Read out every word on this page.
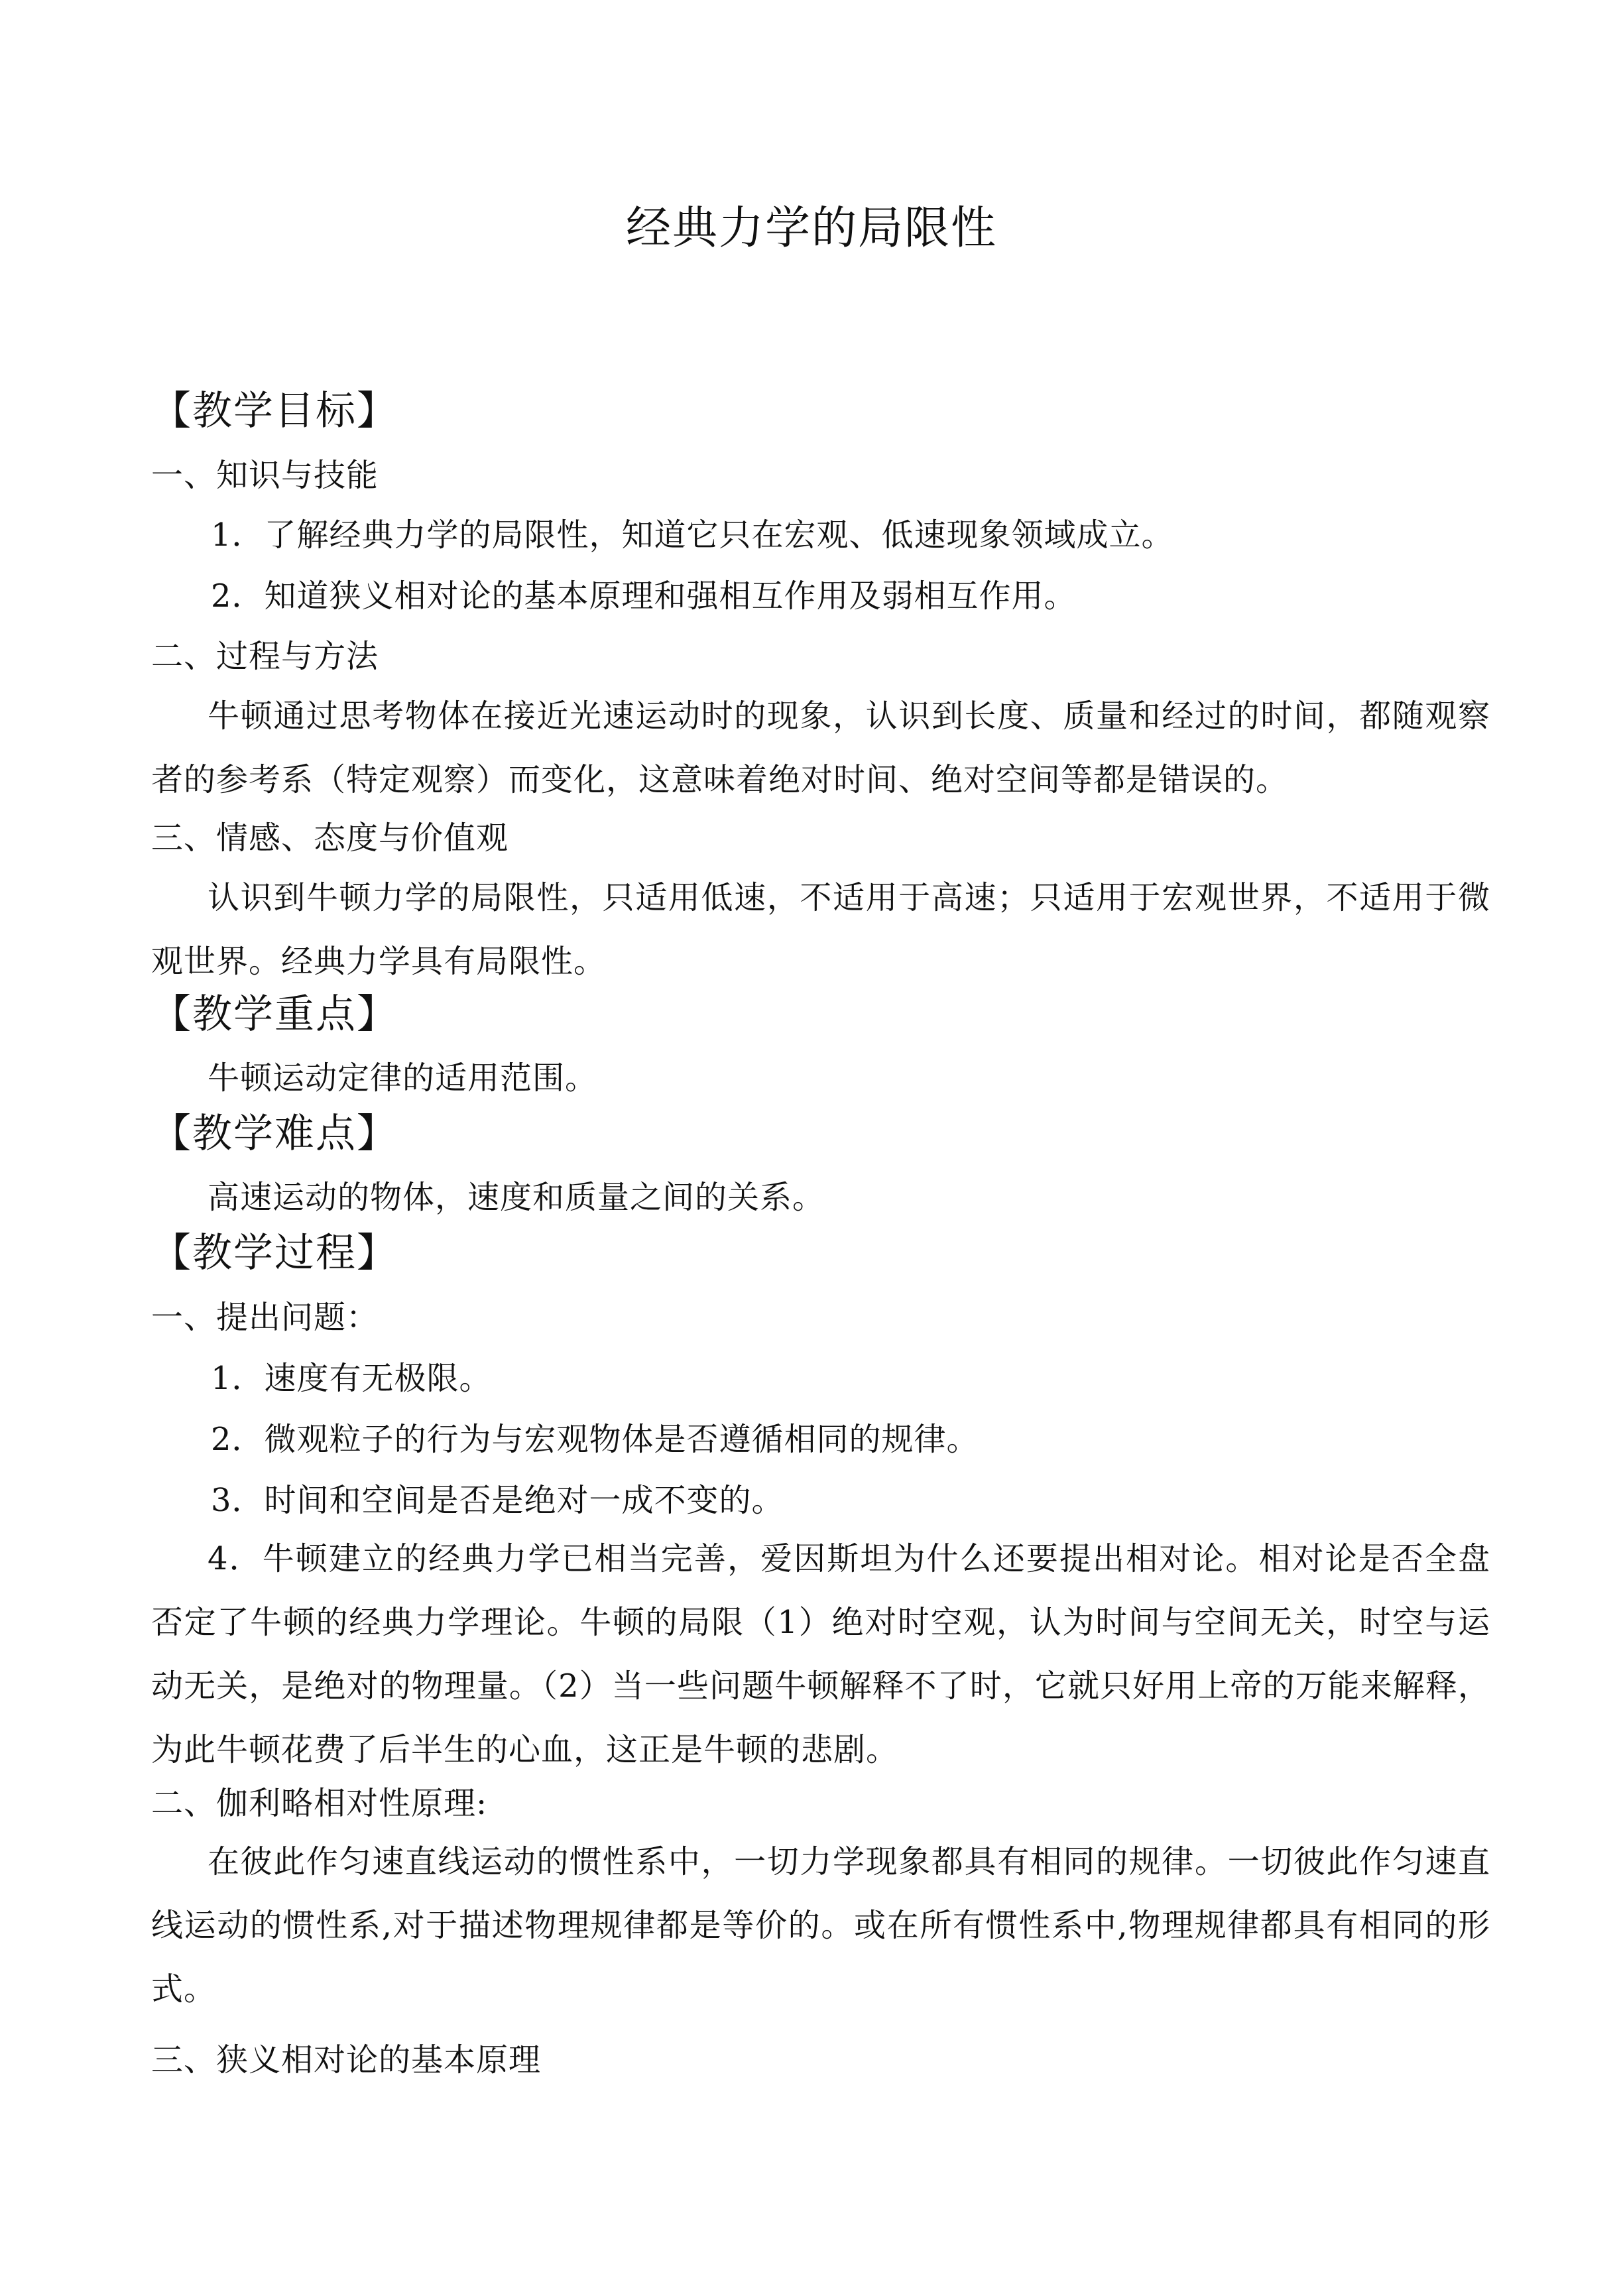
经典力学的局限性
【教学目标】
一、知识与技能
1．了解经典力学的局限性，知道它只在宏观、低速现象领域成立。
2．知道狭义相对论的基本原理和强相互作用及弱相互作用。
二、过程与方法
牛顿通过思考物体在接近光速运动时的现象，认识到长度、质量和经过的时间，都随观察者的参考系（特定观察）而变化，这意味着绝对时间、绝对空间等都是错误的。
三、情感、态度与价值观
认识到牛顿力学的局限性，只适用低速，不适用于高速；只适用于宏观世界，不适用于微观世界。经典力学具有局限性。
【教学重点】
牛顿运动定律的适用范围。
【教学难点】
高速运动的物体，速度和质量之间的关系。
【教学过程】
一、提出问题：
1．速度有无极限。
2．微观粒子的行为与宏观物体是否遵循相同的规律。
3．时间和空间是否是绝对一成不变的。
4．牛顿建立的经典力学已相当完善，爱因斯坦为什么还要提出相对论。相对论是否全盘否定了牛顿的经典力学理论。牛顿的局限（1）绝对时空观，认为时间与空间无关，时空与运动无关，是绝对的物理量。（2）当一些问题牛顿解释不了时，它就只好用上帝的万能来解释，为此牛顿花费了后半生的心血，这正是牛顿的悲剧。
二、伽利略相对性原理:
在彼此作匀速直线运动的惯性系中，一切力学现象都具有相同的规律。一切彼此作匀速直线运动的惯性系,对于描述物理规律都是等价的。或在所有惯性系中,物理规律都具有相同的形式。
三、狭义相对论的基本原理
